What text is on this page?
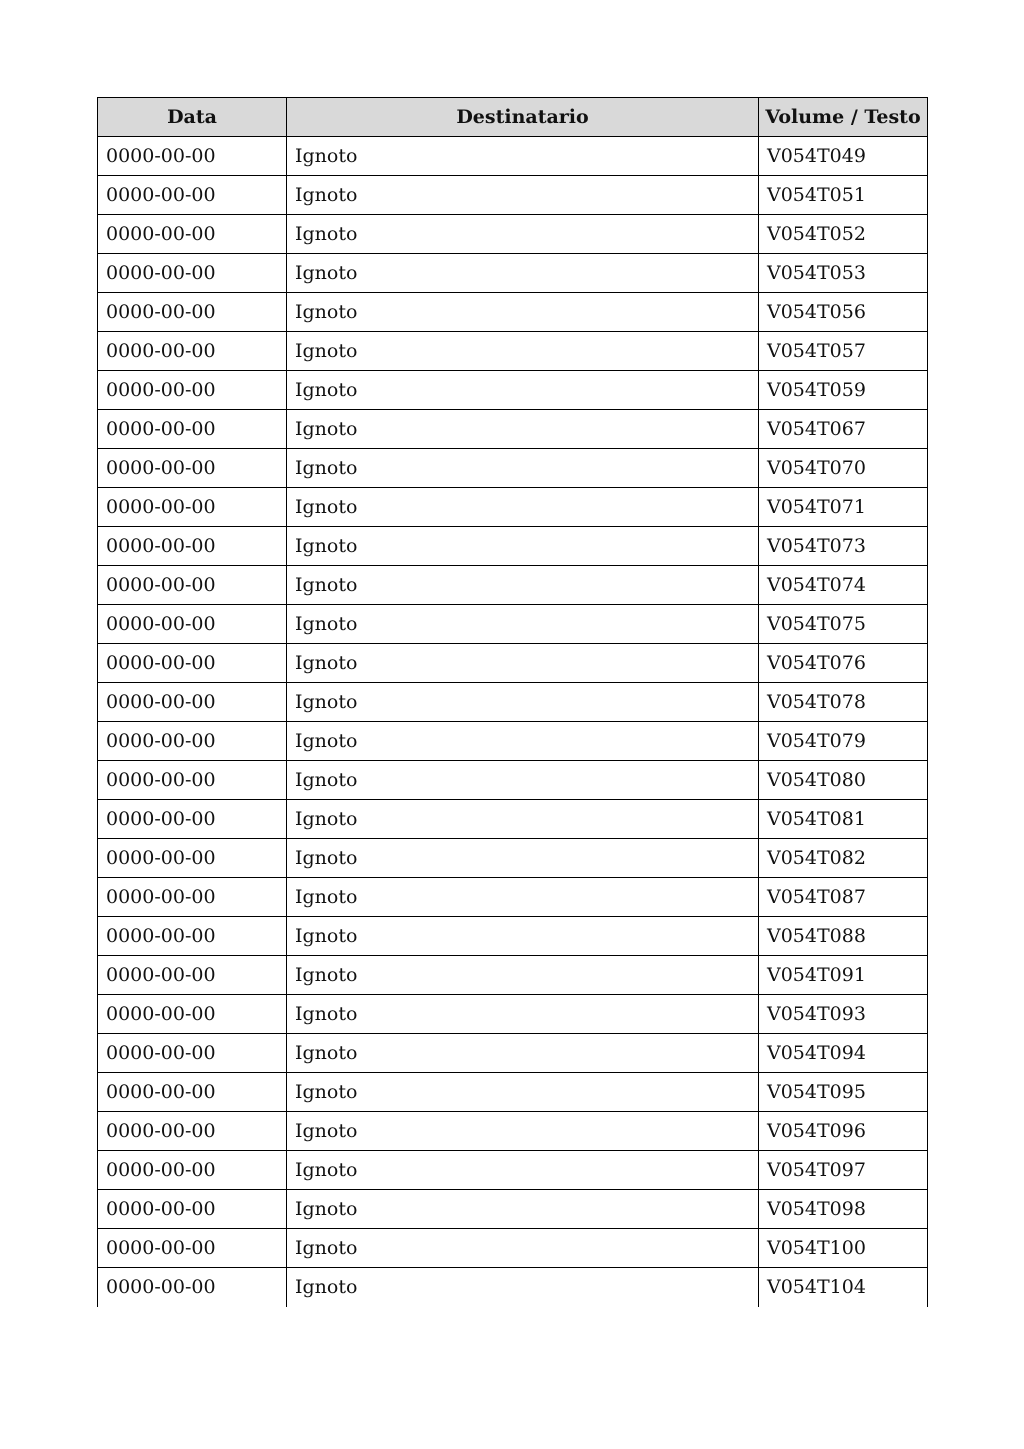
Data	Destinatario	Volume / Testo
0000-00-00	Ignoto	V054T049
0000-00-00	Ignoto	V054T051
0000-00-00	Ignoto	V054T052
0000-00-00	Ignoto	V054T053
0000-00-00	Ignoto	V054T056
0000-00-00	Ignoto	V054T057
0000-00-00	Ignoto	V054T059
0000-00-00	Ignoto	V054T067
0000-00-00	Ignoto	V054T070
0000-00-00	Ignoto	V054T071
0000-00-00	Ignoto	V054T073
0000-00-00	Ignoto	V054T074
0000-00-00	Ignoto	V054T075
0000-00-00	Ignoto	V054T076
0000-00-00	Ignoto	V054T078
0000-00-00	Ignoto	V054T079
0000-00-00	Ignoto	V054T080
0000-00-00	Ignoto	V054T081
0000-00-00	Ignoto	V054T082
0000-00-00	Ignoto	V054T087
0000-00-00	Ignoto	V054T088
0000-00-00	Ignoto	V054T091
0000-00-00	Ignoto	V054T093
0000-00-00	Ignoto	V054T094
0000-00-00	Ignoto	V054T095
0000-00-00	Ignoto	V054T096
0000-00-00	Ignoto	V054T097
0000-00-00	Ignoto	V054T098
0000-00-00	Ignoto	V054T100
0000-00-00	Ignoto	V054T104
